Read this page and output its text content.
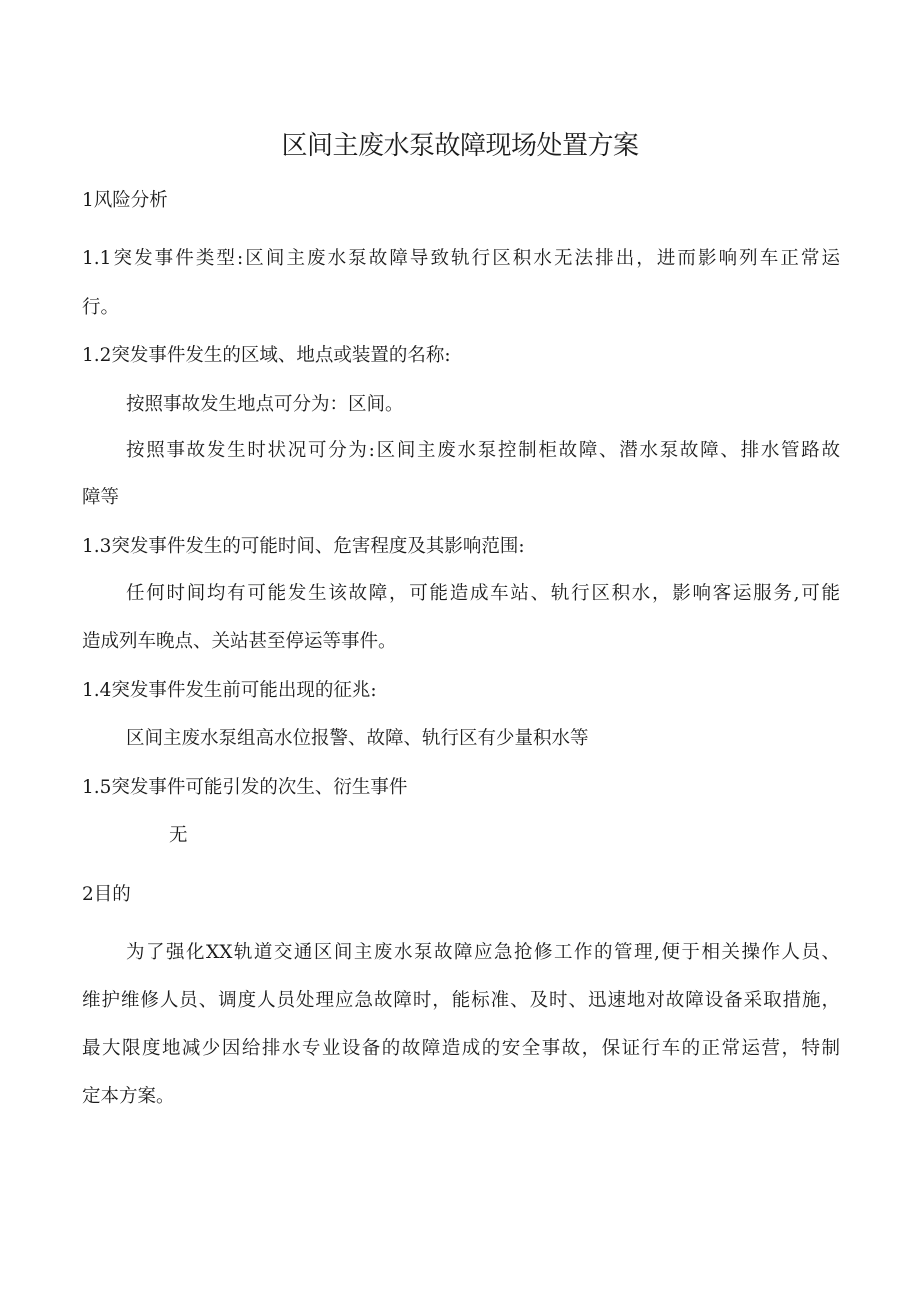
区间主废水泵故障现场处置方案

1风险分析

1.1突发事件类型:区间主废水泵故障导致轨行区积水无法排出，进而影响列车正常运

行。

1.2突发事件发生的区域、地点或装置的名称:

按照事故发生地点可分为：区间。

按照事故发生时状况可分为:区间主废水泵控制柜故障、潜水泵故障、排水管路故

障等

1.3突发事件发生的可能时间、危害程度及其影响范围:

任何时间均有可能发生该故障，可能造成车站、轨行区积水，影响客运服务,可能

造成列车晚点、关站甚至停运等事件。

1.4突发事件发生前可能出现的征兆:

区间主废水泵组高水位报警、故障、轨行区有少量积水等

1.5突发事件可能引发的次生、衍生事件

无

2目的

为了强化XX轨道交通区间主废水泵故障应急抢修工作的管理,便于相关操作人员、

维护维修人员、调度人员处理应急故障时，能标准、及时、迅速地对故障设备采取措施，

最大限度地减少因给排水专业设备的故障造成的安全事故，保证行车的正常运营，特制

定本方案。
